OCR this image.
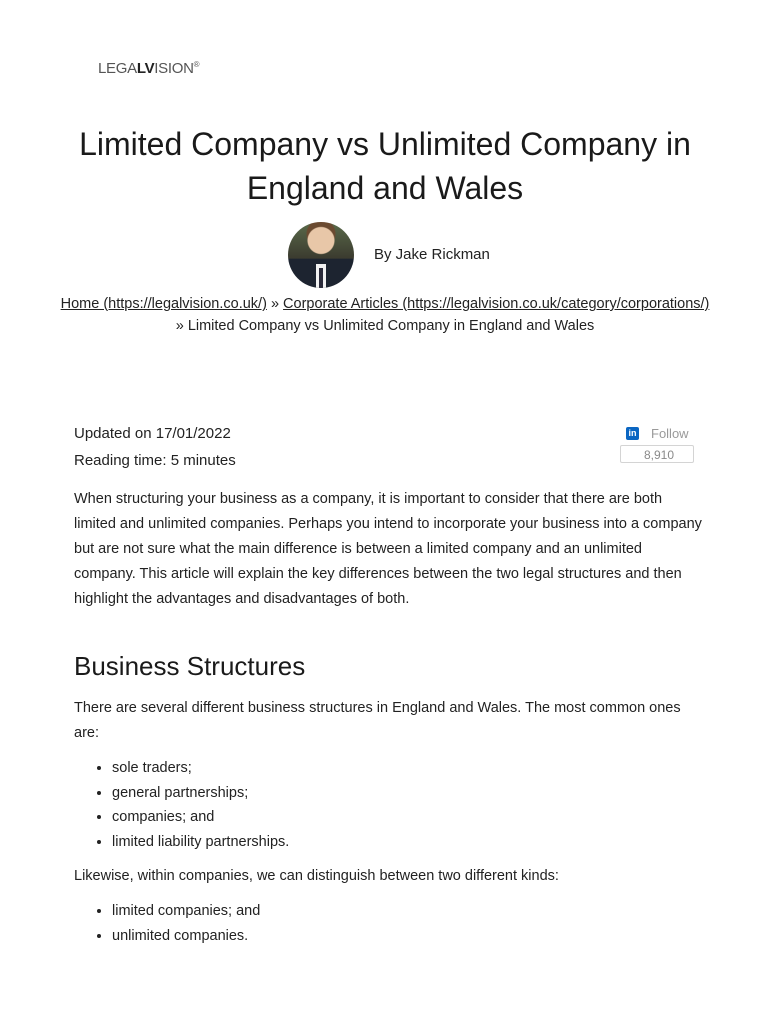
LEGALVISION®
Limited Company vs Unlimited Company in England and Wales
By Jake Rickman
Home (https://legalvision.co.uk/) » Corporate Articles (https://legalvision.co.uk/category/corporations/) » Limited Company vs Unlimited Company in England and Wales
Updated on 17/01/2022
Reading time: 5 minutes
in Follow
8,910

When structuring your business as a company, it is important to consider that there are both limited and unlimited companies. Perhaps you intend to incorporate your business into a company but are not sure what the main difference is between a limited company and an unlimited company. This article will explain the key differences between the two legal structures and then highlight the advantages and disadvantages of both.

Business Structures

There are several different business structures in England and Wales. The most common ones are:

• sole traders;
• general partnerships;
• companies; and
• limited liability partnerships.

Likewise, within companies, we can distinguish between two different kinds:

• limited companies; and
• unlimited companies.
